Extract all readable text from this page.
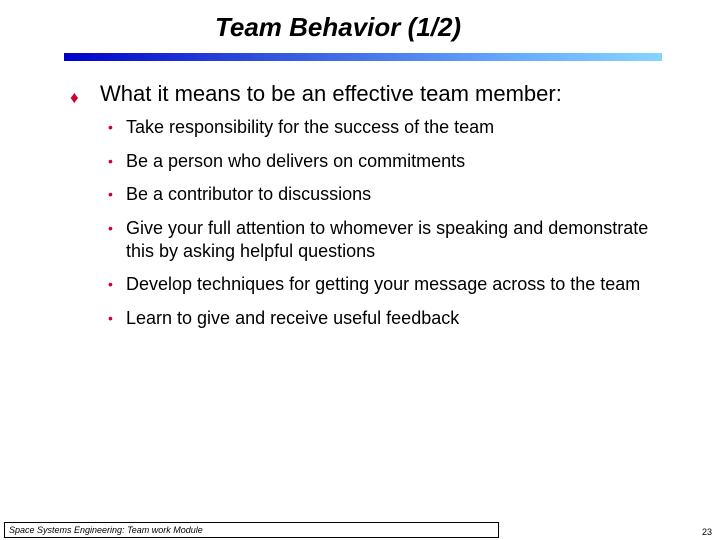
Team Behavior (1/2)
♦ What it means to be an effective team member:
• Take responsibility for the success of the team
• Be a person who delivers on commitments
• Be a contributor to discussions
• Give your full attention to whomever is speaking and demonstrate this by asking helpful questions
• Develop techniques for getting your message across to the team
• Learn to give and receive useful feedback
Space Systems Engineering: Team work Module	23
